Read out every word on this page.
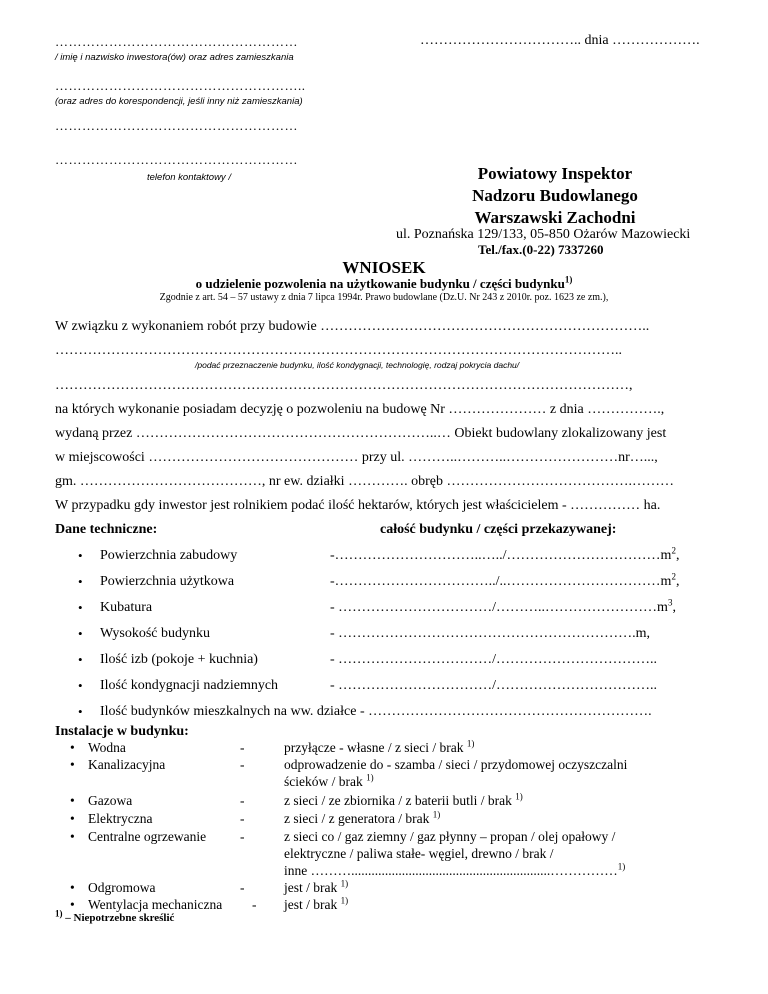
………………………………………………
/ imię i nazwisko inwestora(ów) oraz adres zamieszkania
………………………………………………..
(oraz adres do korespondencji, jeśli inny niż zamieszkania)
………………………………………………
………………………………………………
telefon kontaktowy /
…………………………….. dnia ……………….
Powiatowy Inspektor
Nadzoru Budowlanego
Warszawski Zachodni
ul. Poznańska 129/133, 05-850 Ożarów Mazowiecki
Tel./fax.(0-22) 7337260
WNIOSEK
o udzielenie pozwolenia na użytkowanie budynku / części budynku$^{1)}$
Zgodnie z art. 54 – 57 ustawy z dnia 7 lipca 1994r. Prawo budowlane (Dz.U. Nr 243 z 2010r. poz. 1623 ze zm.),
W związku z wykonaniem robót przy budowie ……………………………………………………………..
…………………………………………………………………………………………………………..
/podać przeznaczenie budynku, ilość kondygnacji, technologię, rodzaj pokrycia dachu/
……………………………………………………………………………………………………………,
na których wykonanie posiadam decyzję o pozwoleniu na budowę Nr ………………… z dnia …………….,
wydaną przez ………………………………………………………..… Obiekt budowlany zlokalizowany jest
w miejscowości ……………………………………… przy ul. ………..………..……………………nr…...,
gm. …………………………………, nr ew. działki …………. obręb ………………………………….………
W przypadku gdy inwestor jest rolnikiem podać ilość hektarów, których jest właścicielem - …………… ha.
Dane techniczne:	całość budynku / części przekazywanej:
• Powierzchnia zabudowy	$-\dots\dots\dots\dots\dots\dots\dots\dots\dots\dots..\dots../\dots\dots\dots\dots\dots\dots\dots\dots\dots\dots\dots m^2$,
• Powierzchnia użytkowa	$-\dots\dots\dots\dots\dots\dots\dots\dots\dots\dots\dots../..\dots\dots\dots\dots\dots\dots\dots\dots\dots\dots\dots m^2$,
• Kubatura	- $\dots\dots\dots\dots\dots\dots\dots\dots\dots\dots\dots/\dots\dots\dots..\dots\dots\dots\dots\dots\dots\dots\dots m^3$,
• Wysokość budynku	- ……………………………………………………….m,
• Ilość izb (pokoje + kuchnia)	- ……………………………/……………………………..
• Ilość kondygnacji nadziemnych	- ……………………………/……………………………..
• Ilość budynków mieszkalnych na ww. działce - …………………………………………………….
Instalacje w budynku:
• Wodna	-	przyłącze - własne / z sieci / brak $^{1)}$
• Kanalizacyjna	-	odprowadzenie do - szamba / sieci / przydomowej oczyszczalni
ścieków / brak $^{1)}$
• Gazowa	-	z sieci / ze zbiornika / z baterii butli / brak $^{1)}$
• Elektryczna	-	z sieci / z generatora / brak $^{1)}$
• Centralne ogrzewanie	-	z sieci co / gaz ziemny / gaz płynny – propan / olej opałowy /
elektryczne / paliwa stałe- węgiel, drewno / brak /
inne ………...........................................................……………$^{1)}$
• Odgromowa	-	jest / brak $^{1)}$
• Wentylacja mechaniczna - jest / brak $^{1)}$
$^{1)}$ – Niepotrzebne skreślić
